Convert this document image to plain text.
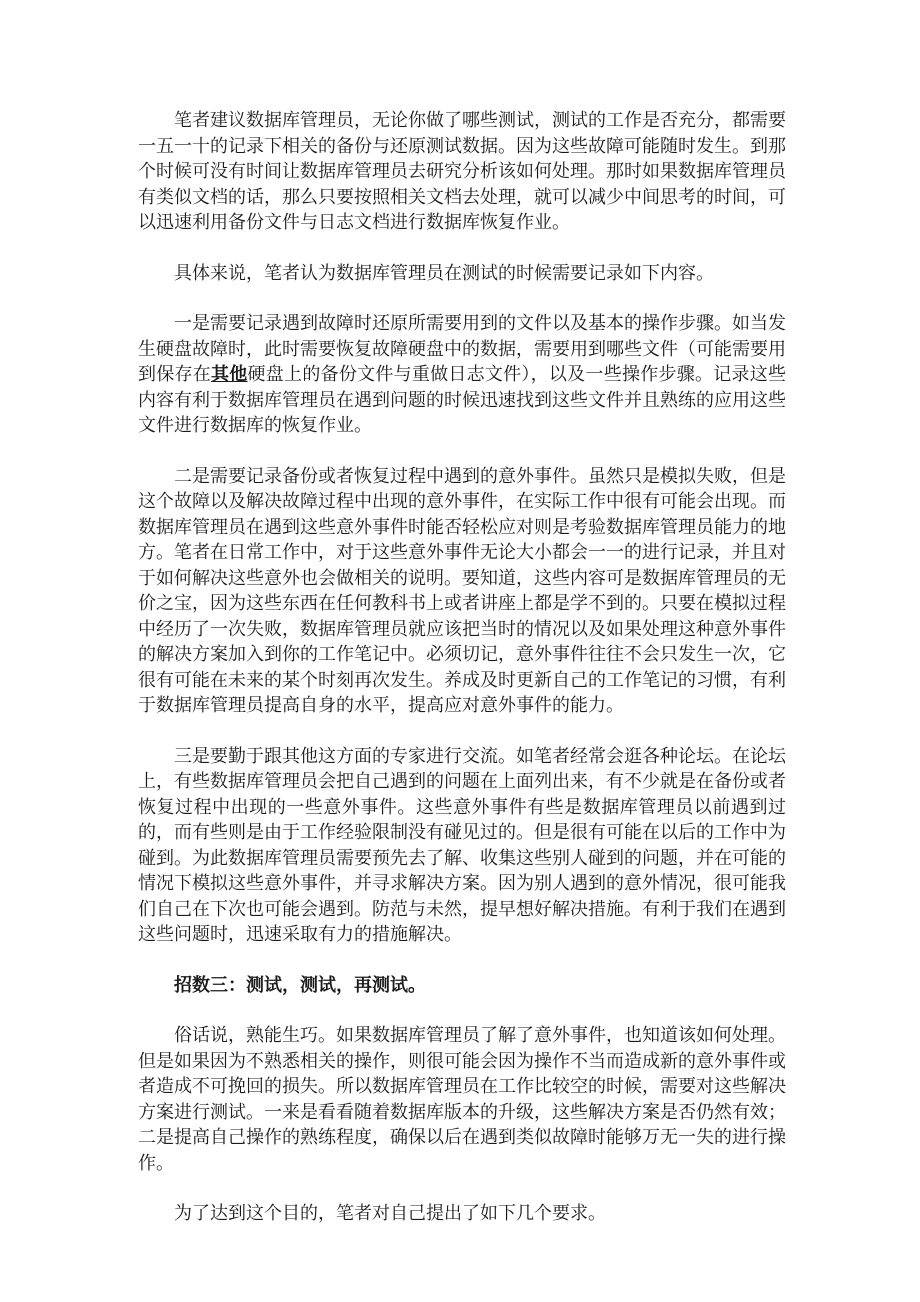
笔者建议数据库管理员，无论你做了哪些测试，测试的工作是否充分，都需要一五一十的记录下相关的备份与还原测试数据。因为这些故障可能随时发生。到那个时候可没有时间让数据库管理员去研究分析该如何处理。那时如果数据库管理员有类似文档的话，那么只要按照相关文档去处理，就可以减少中间思考的时间，可以迅速利用备份文件与日志文档进行数据库恢复作业。

具体来说，笔者认为数据库管理员在测试的时候需要记录如下内容。

一是需要记录遇到故障时还原所需要用到的文件以及基本的操作步骤。如当发生硬盘故障时，此时需要恢复故障硬盘中的数据，需要用到哪些文件（可能需要用到保存在其他硬盘上的备份文件与重做日志文件），以及一些操作步骤。记录这些内容有利于数据库管理员在遇到问题的时候迅速找到这些文件并且熟练的应用这些文件进行数据库的恢复作业。

二是需要记录备份或者恢复过程中遇到的意外事件。虽然只是模拟失败，但是这个故障以及解决故障过程中出现的意外事件，在实际工作中很有可能会出现。而数据库管理员在遇到这些意外事件时能否轻松应对则是考验数据库管理员能力的地方。笔者在日常工作中，对于这些意外事件无论大小都会一一的进行记录，并且对于如何解决这些意外也会做相关的说明。要知道，这些内容可是数据库管理员的无价之宝，因为这些东西在任何教科书上或者讲座上都是学不到的。只要在模拟过程中经历了一次失败，数据库管理员就应该把当时的情况以及如果处理这种意外事件的解决方案加入到你的工作笔记中。必须切记，意外事件往往不会只发生一次，它很有可能在未来的某个时刻再次发生。养成及时更新自己的工作笔记的习惯，有利于数据库管理员提高自身的水平，提高应对意外事件的能力。

三是要勤于跟其他这方面的专家进行交流。如笔者经常会逛各种论坛。在论坛上，有些数据库管理员会把自己遇到的问题在上面列出来，有不少就是在备份或者恢复过程中出现的一些意外事件。这些意外事件有些是数据库管理员以前遇到过的，而有些则是由于工作经验限制没有碰见过的。但是很有可能在以后的工作中为碰到。为此数据库管理员需要预先去了解、收集这些别人碰到的问题，并在可能的情况下模拟这些意外事件，并寻求解决方案。因为别人遇到的意外情况，很可能我们自己在下次也可能会遇到。防范与未然，提早想好解决措施。有利于我们在遇到这些问题时，迅速采取有力的措施解决。

招数三：测试，测试，再测试。

俗话说，熟能生巧。如果数据库管理员了解了意外事件，也知道该如何处理。但是如果因为不熟悉相关的操作，则很可能会因为操作不当而造成新的意外事件或者造成不可挽回的损失。所以数据库管理员在工作比较空的时候，需要对这些解决方案进行测试。一来是看看随着数据库版本的升级，这些解决方案是否仍然有效；二是提高自己操作的熟练程度，确保以后在遇到类似故障时能够万无一失的进行操作。

为了达到这个目的，笔者对自己提出了如下几个要求。
